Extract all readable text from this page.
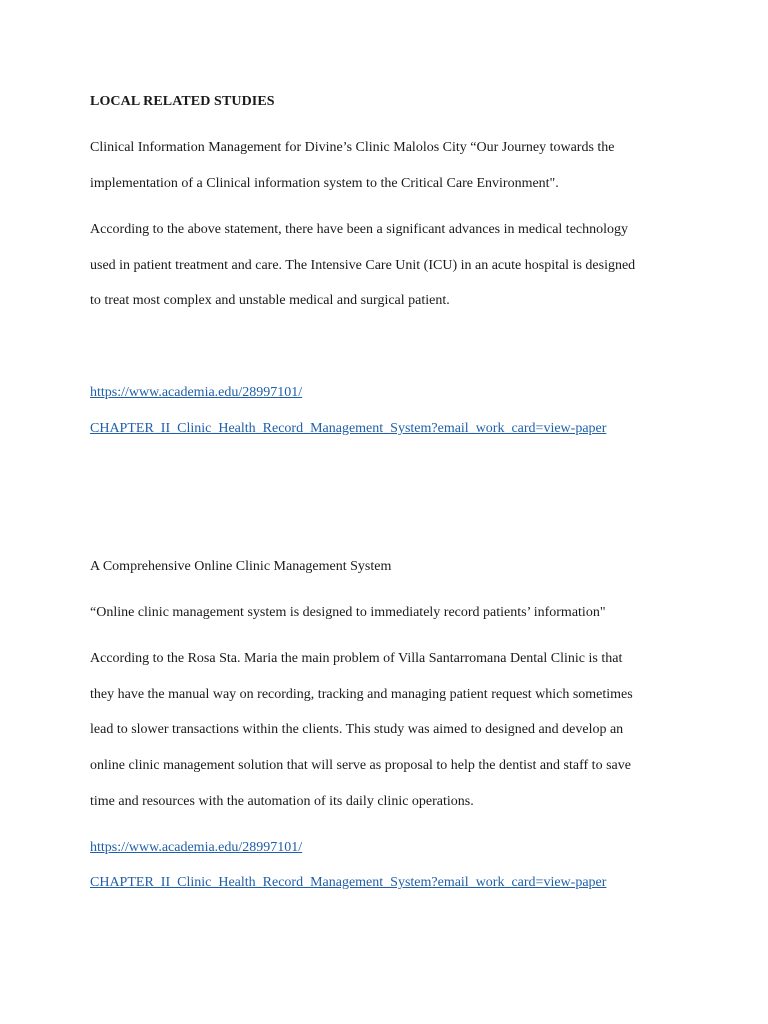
LOCAL RELATED STUDIES
Clinical Information Management for Divine’s Clinic Malolos City “Our Journey towards the
implementation of a Clinical information system to the Critical Care Environment".
According to the above statement, there have been a significant advances in medical technology
used in patient treatment and care. The Intensive Care Unit (ICU) in an acute hospital is designed
to treat most complex and unstable medical and surgical patient.
https://www.academia.edu/28997101/
CHAPTER_II_Clinic_Health_Record_Management_System?email_work_card=view-paper
A Comprehensive Online Clinic Management System
“Online clinic management system is designed to immediately record patients’ information"
According to the Rosa Sta. Maria the main problem of Villa Santarromana Dental Clinic is that
they have the manual way on recording, tracking and managing patient request which sometimes
lead to slower transactions within the clients. This study was aimed to designed and develop an
online clinic management solution that will serve as proposal to help the dentist and staff to save
time and resources with the automation of its daily clinic operations.
https://www.academia.edu/28997101/
CHAPTER_II_Clinic_Health_Record_Management_System?email_work_card=view-paper
